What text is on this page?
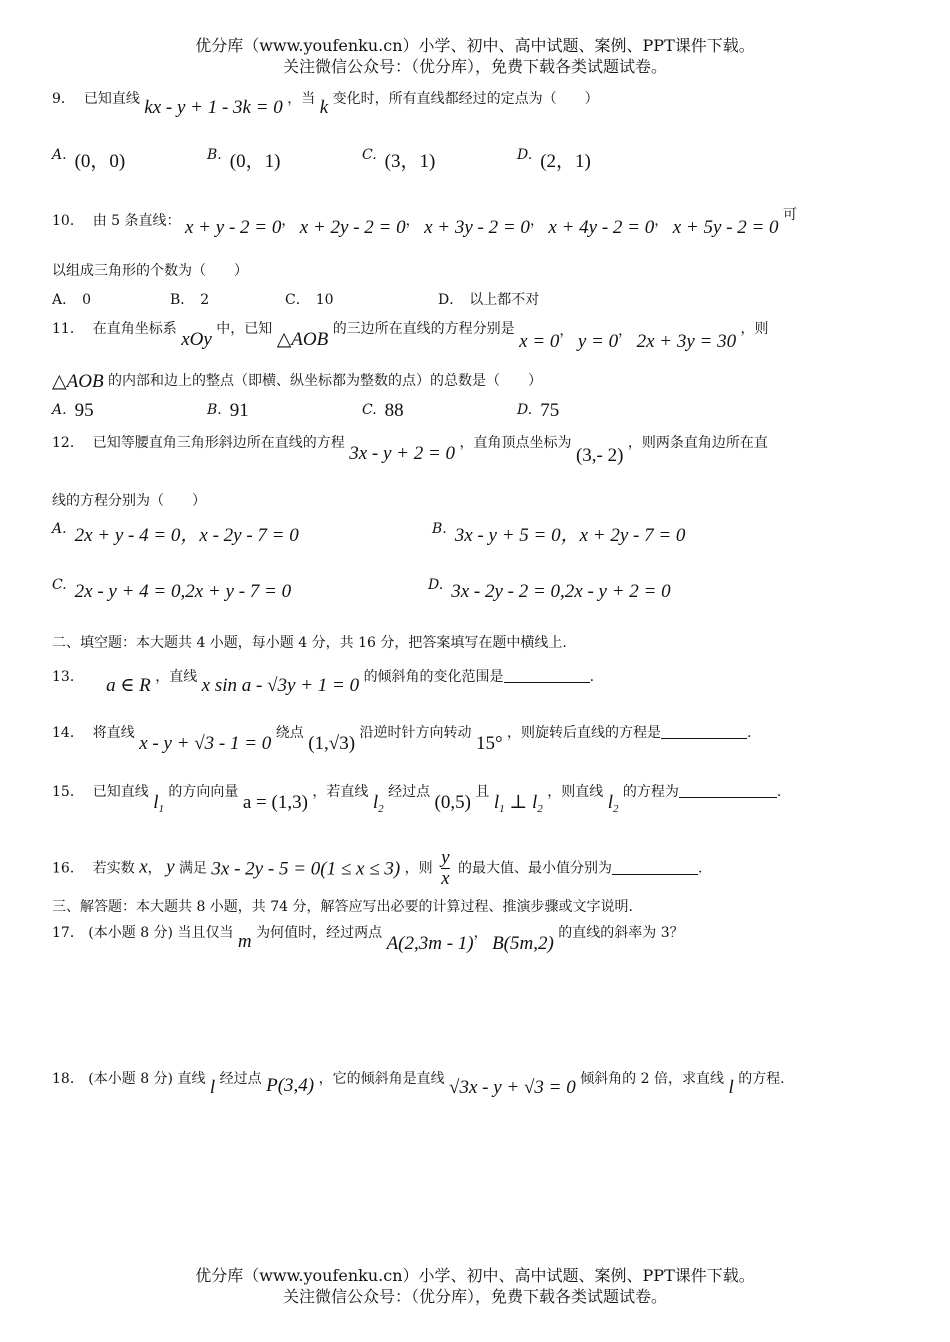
优分库（www.youfenku.cn）小学、初中、高中试题、案例、PPT课件下载。
关注微信公众号：（优分库），免费下载各类试题试卷。
9． 已知直线 kx - y + 1 - 3k = 0 ，当 k 变化时，所有直线都经过的定点为（　　）
A. (0，0)	B. (0，1)	C. (3，1)	D. (2，1)
10． 由 5 条直线： x + y - 2 = 0， x + 2y - 2 = 0， x + 3y - 2 = 0， x + 4y - 2 = 0， x + 5y - 2 = 0 可
以组成三角形的个数为（　　）
A． 0	B． 2	C． 10	D． 以上都不对
11． 在直角坐标系 xOy 中，已知 △AOB 的三边所在直线的方程分别是 x = 0， y = 0， 2x + 3y = 30 ，则
△AOB 的内部和边上的整点（即横、纵坐标都为整数的点）的总数是（　　）
A. 95	B. 91	C. 88	D. 75
12． 已知等腰直角三角形斜边所在直线的方程 3x - y + 2 = 0 ，直角顶点坐标为 (3,- 2) ，则两条直角边所在直
线的方程分别为（　　）
A. 2x + y - 4 = 0，x - 2y - 7 = 0	B. 3x - y + 5 = 0，x + 2y - 7 = 0
C. 2x - y + 4 = 0,2x + y - 7 = 0	D. 3x - 2y - 2 = 0,2x - y + 2 = 0
二、填空题：本大题共 4 小题，每小题 4 分，共 16 分，把答案填写在题中横线上.
13． a ∈ R ，直线 x sin a - √3y + 1 = 0 的倾斜角的变化范围是	.
14． 将直线 x - y + √3 - 1 = 0 绕点 (1,√3) 沿逆时针方向转动 15° ，则旋转后直线的方程是	.
15． 已知直线 $l_1$ 的方向向量 a = (1,3) ，若直线 $l_2$ 经过点 (0,5) 且 $l_1$ ⊥ $l_2$ ，则直线 $l_2$ 的方程为	.
16． 若实数 x， y 满足 3x - 2y - 5 = 0(1 ≤ x ≤ 3) ，则 $\frac{y}{x}$ 的最大值、最小值分别为	.
三、解答题：本大题共 8 小题，共 74 分，解答应写出必要的计算过程、推演步骤或文字说明.
17． (本小题 8 分) 当且仅当 m 为何值时，经过两点 A(2,3m - 1)， B(5m,2) 的直线的斜率为 3？
18． (本小题 8 分) 直线 l 经过点 P(3,4) ，它的倾斜角是直线 √3x - y + √3 = 0 倾斜角的 2 倍，求直线 l 的方程.
优分库（www.youfenku.cn）小学、初中、高中试题、案例、PPT课件下载。
关注微信公众号：（优分库），免费下载各类试题试卷。
